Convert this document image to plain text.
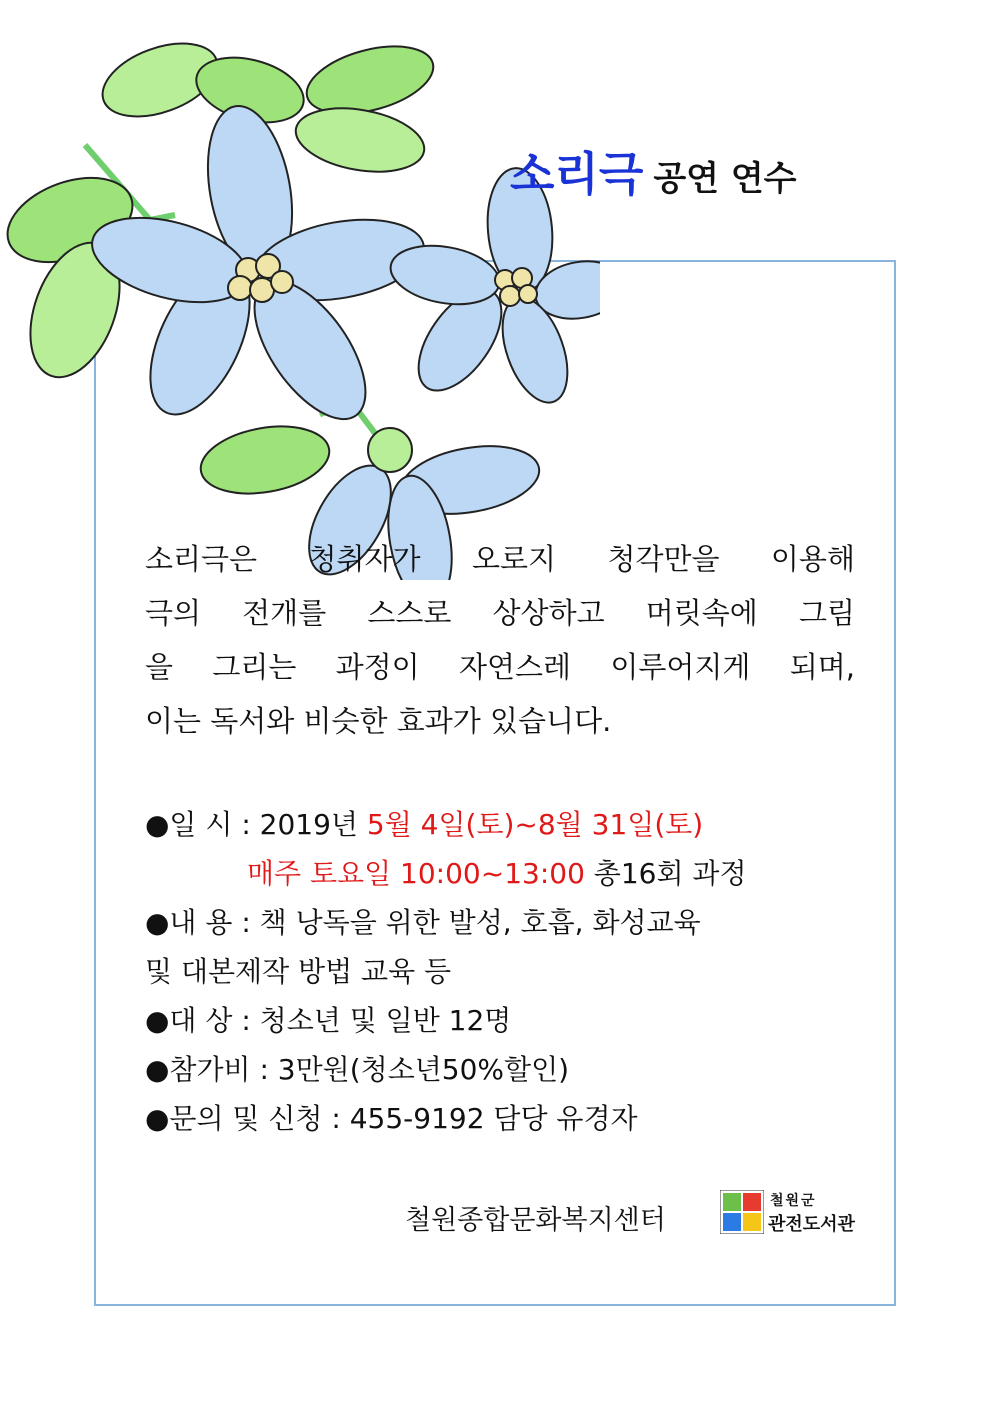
소리극 공연 연수
소리극은 청취자가 오로지 청각만을 이용해
극의 전개를 스스로 상상하고 머릿속에 그림
을 그리는 과정이 자연스레 이루어지게 되며,
이는 독서와 비슷한 효과가 있습니다.
●일 시 : 2019년 5월 4일(토)~8월 31일(토)
매주 토요일 10:00~13:00 총16회 과정
●내 용 : 책 낭독을 위한 발성, 호흡, 화성교육
및 대본제작 방법 교육 등
●대 상 : 청소년 및 일반 12명
●참가비 : 3만원(청소년50%할인)
●문의 및 신청 : 455-9192 담당 유경자
철원종합문화복지센터
철원군
관전도서관
